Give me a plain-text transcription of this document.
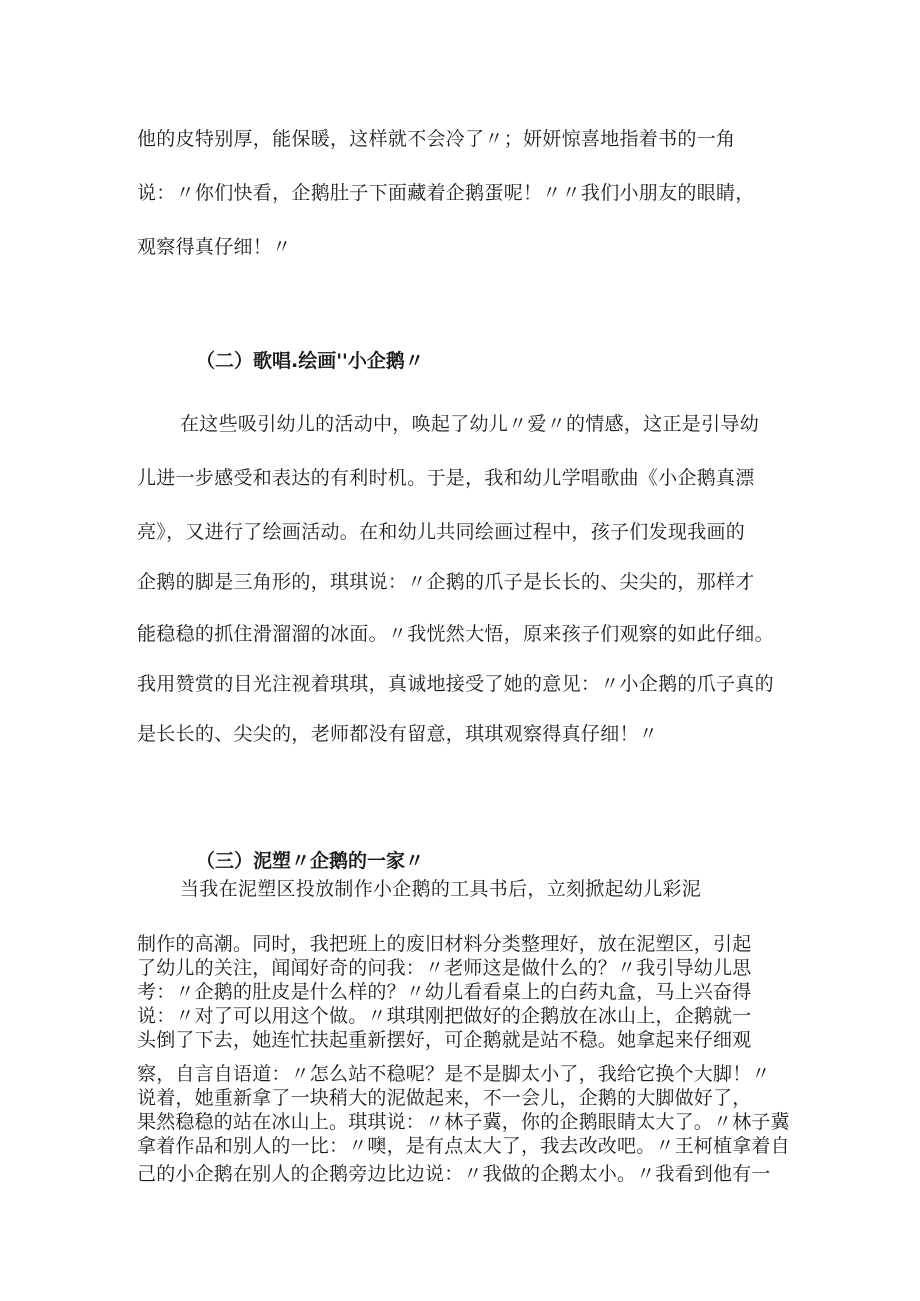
他的皮特别厚，能保暖，这样就不会冷了〃；妍妍惊喜地指着书的一角
说：〃你们快看，企鹅肚子下面藏着企鹅蛋呢！〃〃我们小朋友的眼睛，
观察得真仔细！〃
（二）歌唱.绘画''小企鹅〃
在这些吸引幼儿的活动中，唤起了幼儿〃爱〃的情感，这正是引导幼
儿进一步感受和表达的有利时机。于是，我和幼儿学唱歌曲《小企鹅真漂
亮》，又进行了绘画活动。在和幼儿共同绘画过程中，孩子们发现我画的
企鹅的脚是三角形的，琪琪说：〃企鹅的爪子是长长的、尖尖的，那样才
能稳稳的抓住滑溜溜的冰面。〃我恍然大悟，原来孩子们观察的如此仔细。
我用赞赏的目光注视着琪琪，真诚地接受了她的意见：〃小企鹅的爪子真的
是长长的、尖尖的，老师都没有留意，琪琪观察得真仔细！〃
（三）泥塑〃企鹅的一家〃
当我在泥塑区投放制作小企鹅的工具书后，立刻掀起幼儿彩泥
制作的高潮。同时，我把班上的废旧材料分类整理好，放在泥塑区，引起
了幼儿的关注，闻闻好奇的问我：〃老师这是做什么的？〃我引导幼儿思
考：〃企鹅的肚皮是什么样的？〃幼儿看看桌上的白药丸盒，马上兴奋得
说：〃对了可以用这个做。〃琪琪刚把做好的企鹅放在冰山上，企鹅就一
头倒了下去，她连忙扶起重新摆好，可企鹅就是站不稳。她拿起来仔细观
察，自言自语道：〃怎么站不稳呢？是不是脚太小了，我给它换个大脚！〃
说着，她重新拿了一块稍大的泥做起来，不一会儿，企鹅的大脚做好了，
果然稳稳的站在冰山上。琪琪说：〃林子冀，你的企鹅眼睛太大了。〃林子冀
拿着作品和别人的一比：〃噢，是有点太大了，我去改改吧。〃王柯植拿着自
己的小企鹅在别人的企鹅旁边比边说：〃我做的企鹅太小。〃我看到他有一
